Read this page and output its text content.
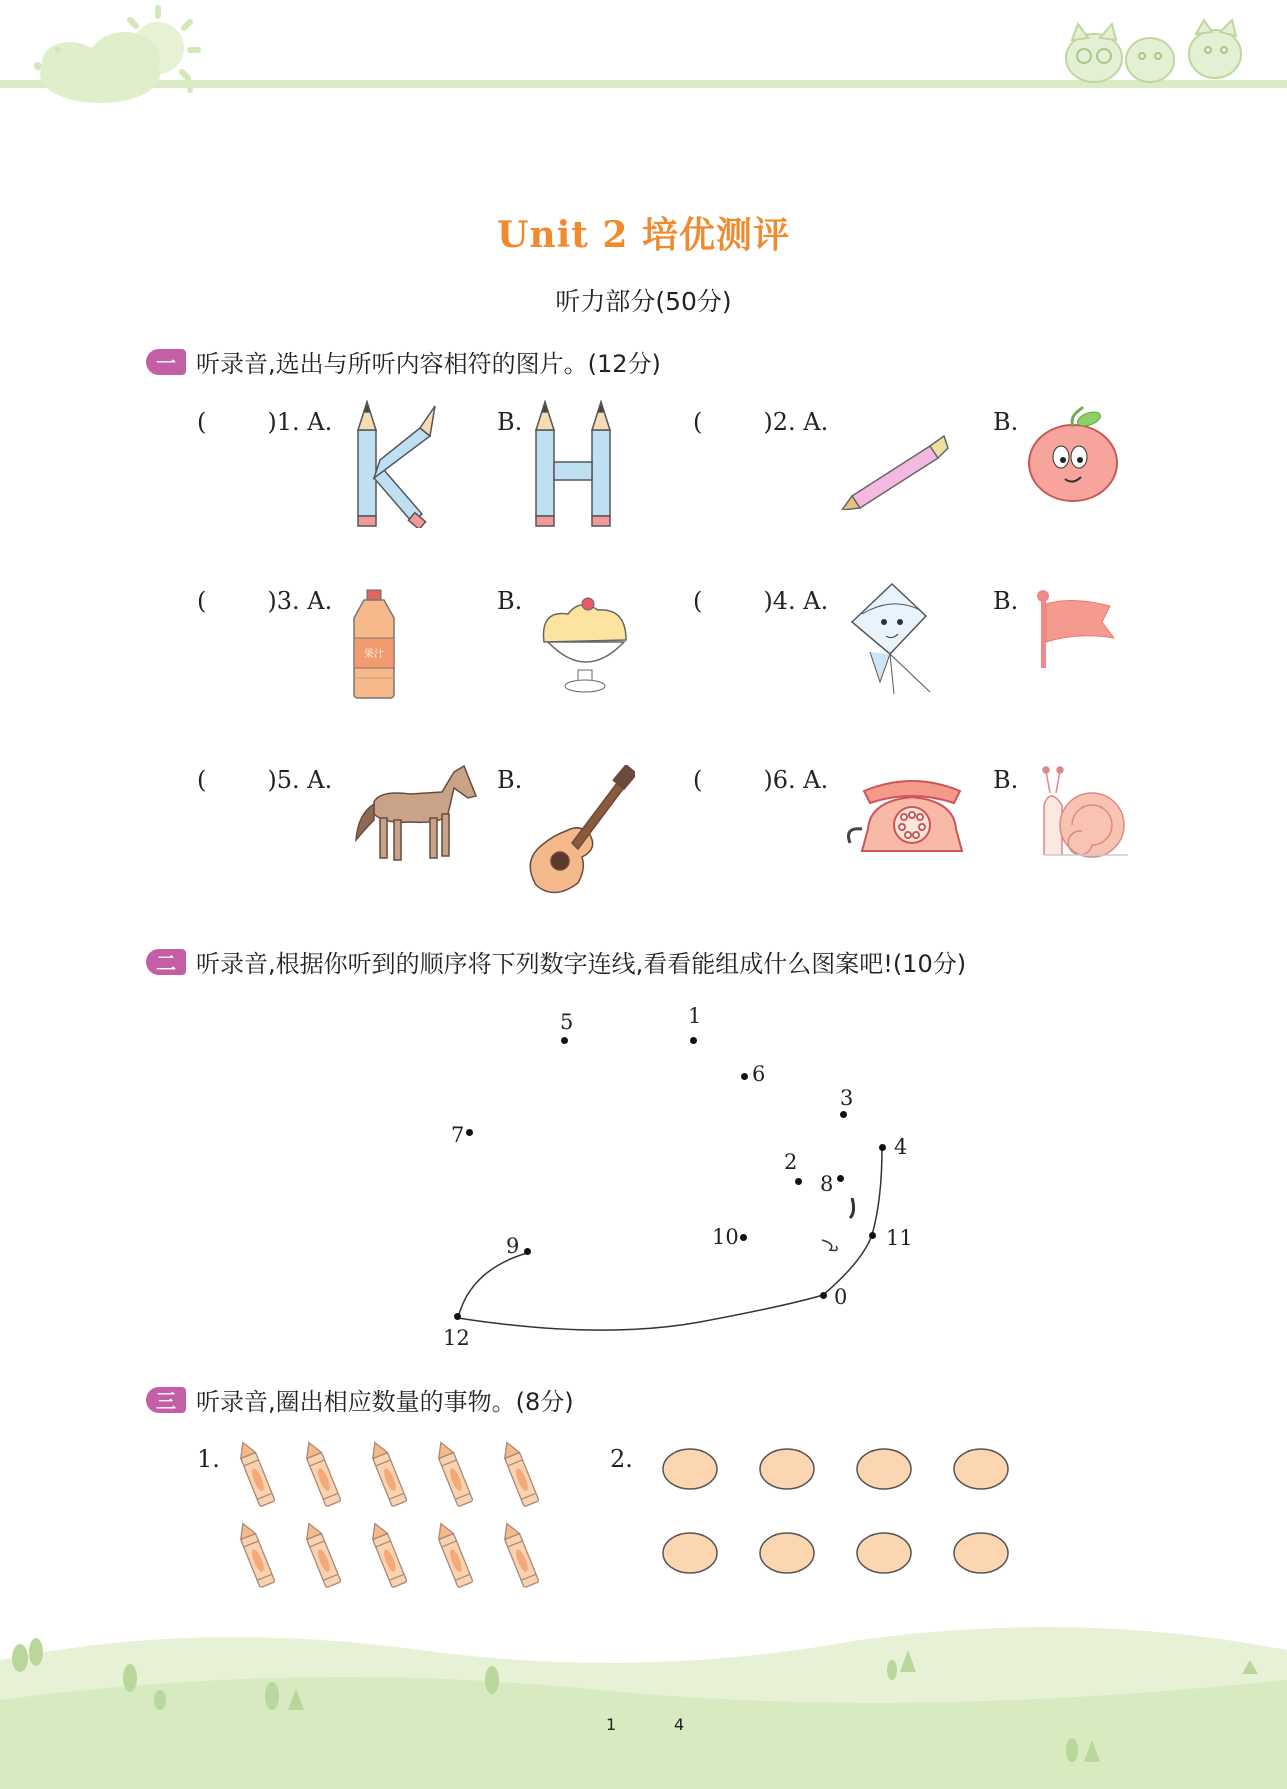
Unit 2 培优测评
听力部分(50分)
一 听录音,选出与所听内容相符的图片。(12分)
(        )1. A.	B.	(        )2. A.	B.
(        )3. A.	B.	(        )4. A.	B.
果汁
(        )5. A.	B.	(        )6. A.	B.
二 听录音,根据你听到的顺序将下列数字连线,看看能组成什么图案吧!(10分)
1
5
6
3
7	4
2
8
9	10	11
0
12
三 听录音,圈出相应数量的事物。(8分)
1.	2.
1	4
